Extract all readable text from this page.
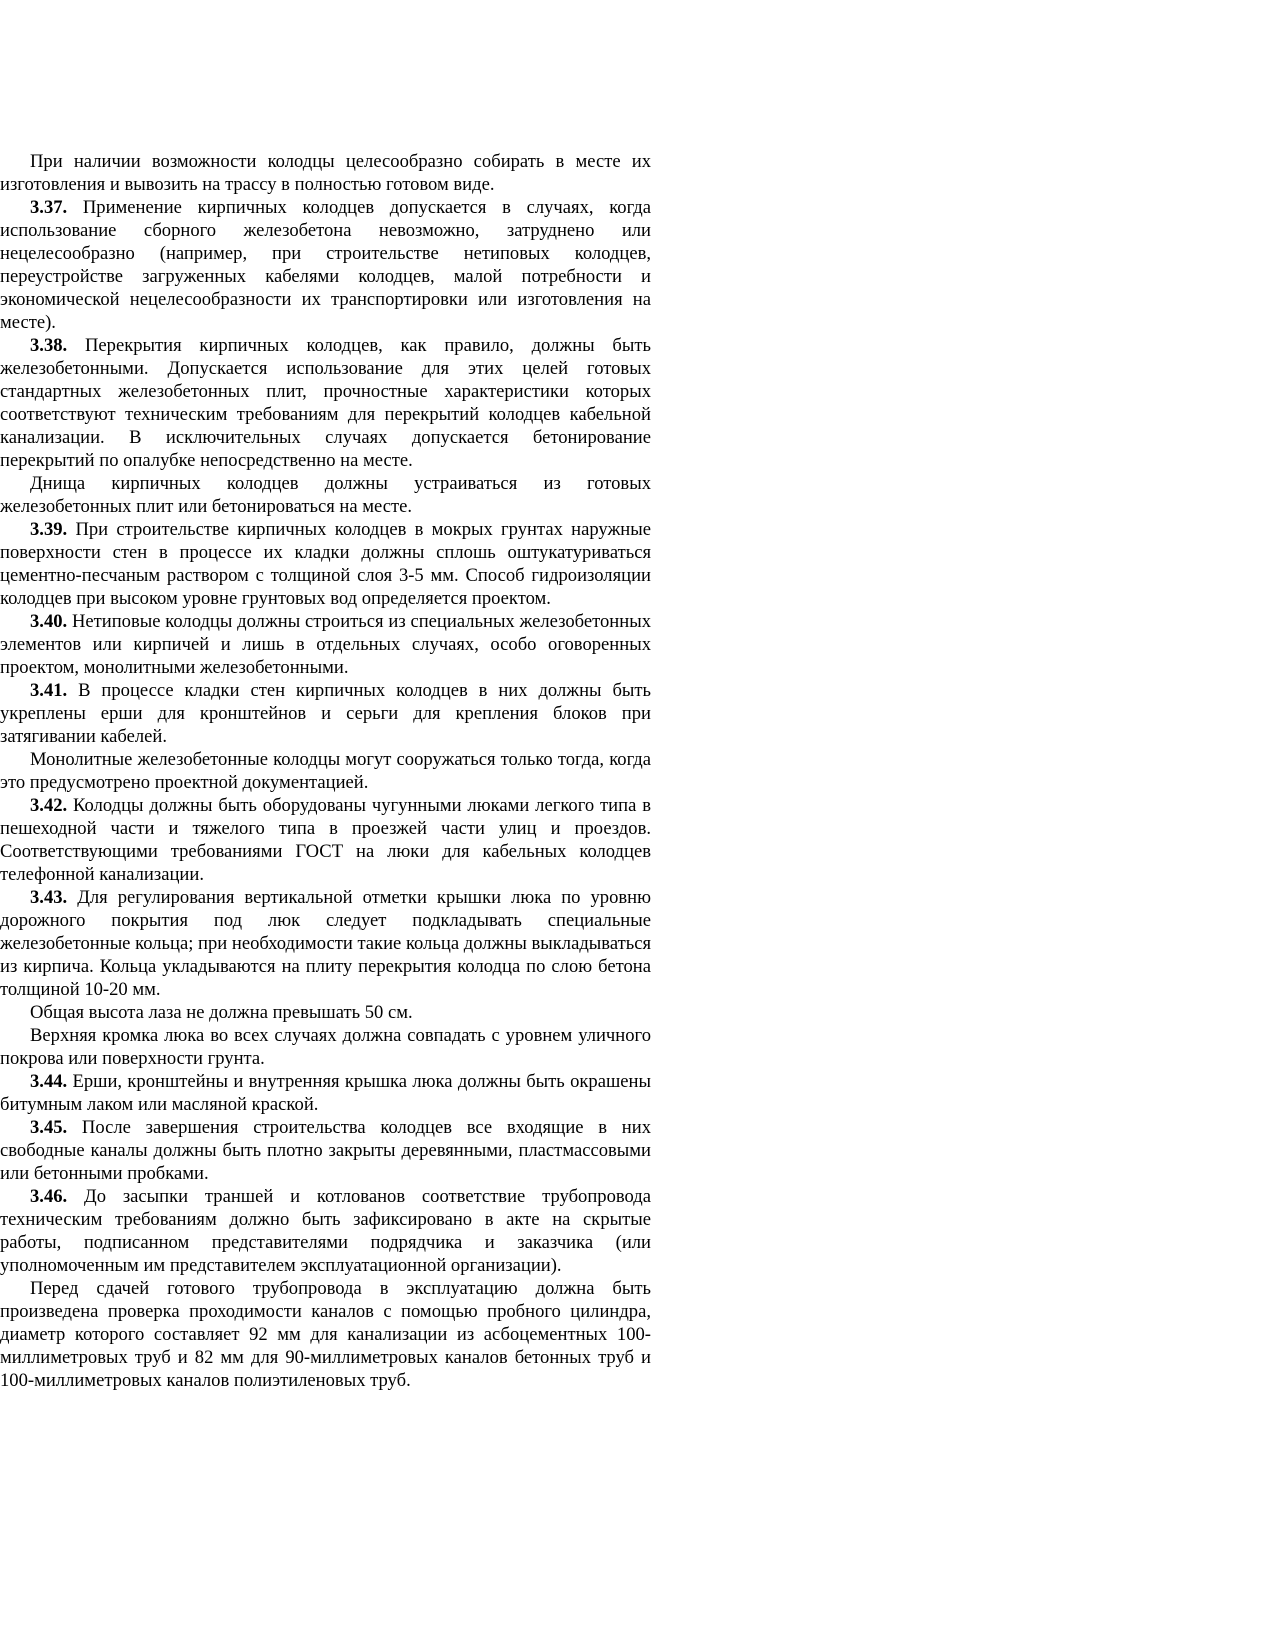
При наличии возможности колодцы целесообразно собирать в месте их изготовления и вывозить на трассу в полностью готовом виде.

3.37. Применение кирпичных колодцев допускается в случаях, когда использование сборного железобетона невозможно, затруднено или нецелесообразно (например, при строительстве нетиповых колодцев, переустройстве загруженных кабелями колодцев, малой потребности и экономической нецелесообразности их транспортировки или изготовления на месте).

3.38. Перекрытия кирпичных колодцев, как правило, должны быть железобетонными. Допускается использование для этих целей готовых стандартных железобетонных плит, прочностные характеристики которых соответствуют техническим требованиям для перекрытий колодцев кабельной канализации. В исключительных случаях допускается бетонирование перекрытий по опалубке непосредственно на месте.

Днища кирпичных колодцев должны устраиваться из готовых железобетонных плит или бетонироваться на месте.

3.39. При строительстве кирпичных колодцев в мокрых грунтах наружные поверхности стен в процессе их кладки должны сплошь оштукатуриваться цементно-песчаным раствором с толщиной слоя 3-5 мм. Способ гидроизоляции колодцев при высоком уровне грунтовых вод определяется проектом.

3.40. Нетиповые колодцы должны строиться из специальных железобетонных элементов или кирпичей и лишь в отдельных случаях, особо оговоренных проектом, монолитными железобетонными.

3.41. В процессе кладки стен кирпичных колодцев в них должны быть укреплены ерши для кронштейнов и серьги для крепления блоков при затягивании кабелей.

Монолитные железобетонные колодцы могут сооружаться только тогда, когда это предусмотрено проектной документацией.

3.42. Колодцы должны быть оборудованы чугунными люками легкого типа в пешеходной части и тяжелого типа в проезжей части улиц и проездов. Соответствующими требованиями ГОСТ на люки для кабельных колодцев телефонной канализации.

3.43. Для регулирования вертикальной отметки крышки люка по уровню дорожного покрытия под люк следует подкладывать специальные железобетонные кольца; при необходимости такие кольца должны выкладываться из кирпича. Кольца укладываются на плиту перекрытия колодца по слою бетона толщиной 10-20 мм.

Общая высота лаза не должна превышать 50 см.

Верхняя кромка люка во всех случаях должна совпадать с уровнем уличного покрова или поверхности грунта.

3.44. Ерши, кронштейны и внутренняя крышка люка должны быть окрашены битумным лаком или масляной краской.

3.45. После завершения строительства колодцев все входящие в них свободные каналы должны быть плотно закрыты деревянными, пластмассовыми или бетонными пробками.

3.46. До засыпки траншей и котлованов соответствие трубопровода техническим требованиям должно быть зафиксировано в акте на скрытые работы, подписанном представителями подрядчика и заказчика (или уполномоченным им представителем эксплуатационной организации).

Перед сдачей готового трубопровода в эксплуатацию должна быть произведена проверка проходимости каналов с помощью пробного цилиндра, диаметр которого составляет 92 мм для канализации из асбоцементных 100-миллиметровых труб и 82 мм для 90-миллиметровых каналов бетонных труб и 100-миллиметровых каналов полиэтиленовых труб.
